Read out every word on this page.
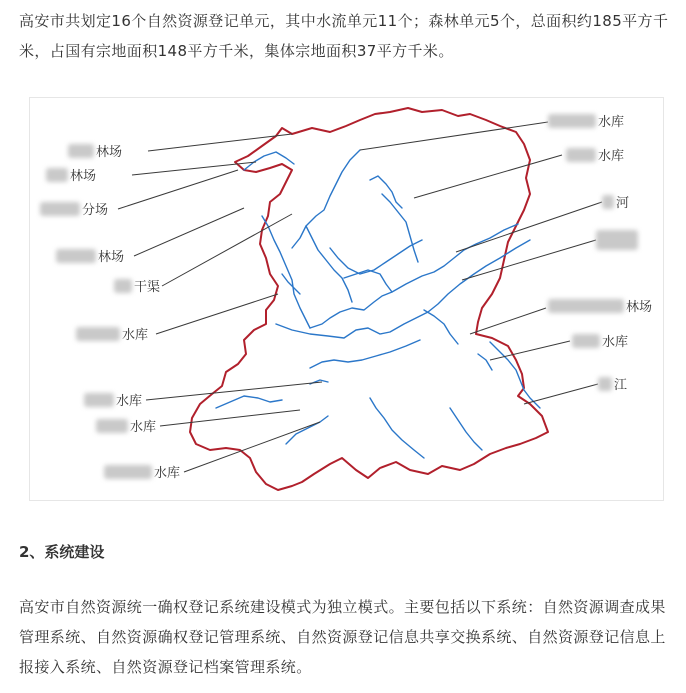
高安市共划定16个自然资源登记单元，其中水流单元11个；森林单元5个，总面积约185平方千米，占国有宗地面积148平方千米，集体宗地面积37平方千米。

林场
林场
分场
林场
干渠
水库
水库
水库
水库
水库
水库
河
林场
水库
江
2、系统建设

高安市自然资源统一确权登记系统建设模式为独立模式。主要包括以下系统：自然资源调查成果管理系统、自然资源确权登记管理系统、自然资源登记信息共享交换系统、自然资源登记信息上报接入系统、自然资源登记档案管理系统。
